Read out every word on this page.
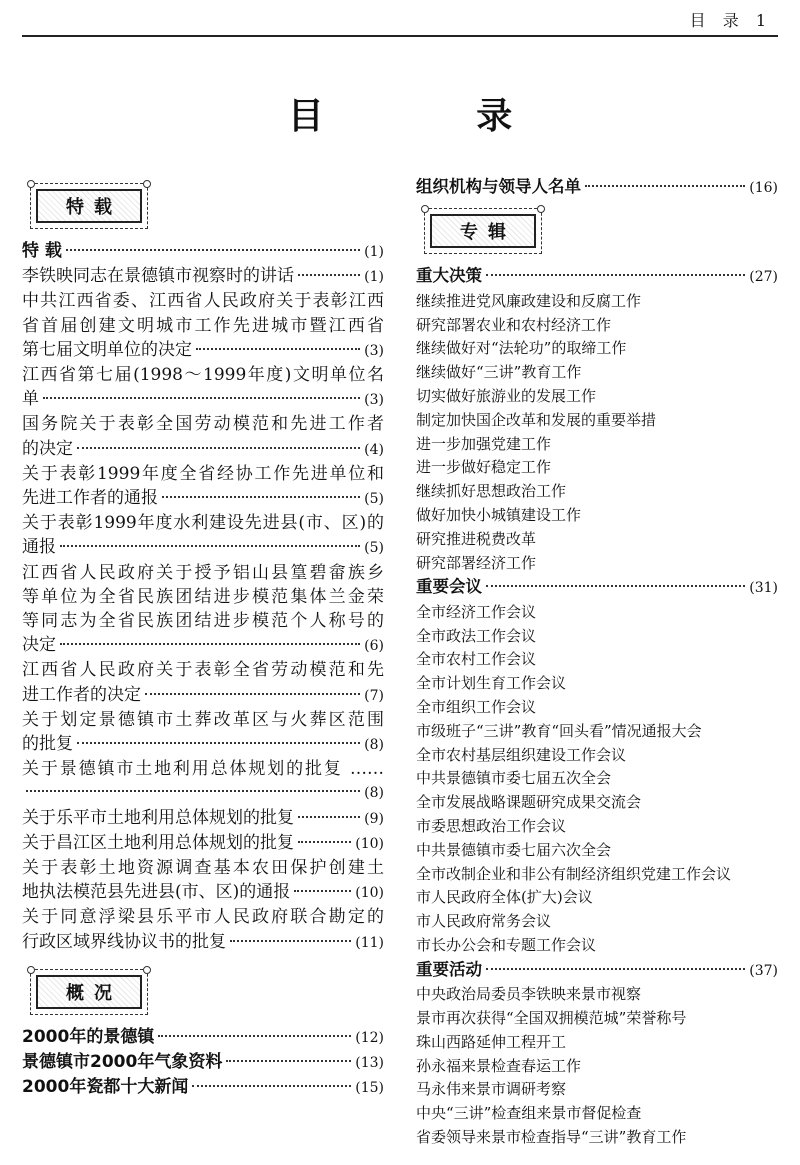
目 录 1
目 录
特载
特 载	(1)
李铁映同志在景德镇市视察时的讲话	(1)

中共江西省委、江西省人民政府关于表彰江西

省首届创建文明城市工作先进城市暨江西省

第七届文明单位的决定	(3)

江西省第七届(1998～1999年度)文明单位名

单	(3)

国务院关于表彰全国劳动模范和先进工作者

的决定	(4)

关于表彰1999年度全省经协工作先进单位和

先进工作者的通报	(5)

关于表彰1999年度水利建设先进县(市、区)的

通报	(5)

江西省人民政府关于授予铝山县篁碧畲族乡

等单位为全省民族团结进步模范集体兰金荣

等同志为全省民族团结进步模范个人称号的

决定	(6)

江西省人民政府关于表彰全省劳动模范和先

进工作者的决定	(7)

关于划定景德镇市土葬改革区与火葬区范围

的批复	(8)

关于景德镇市土地利用总体规划的批复 ……

(8)
关于乐平市土地利用总体规划的批复	(9)
关于昌江区土地利用总体规划的批复	(10)

关于表彰土地资源调查基本农田保护创建土

地执法模范县先进县(市、区)的通报	(10)

关于同意浮梁县乐平市人民政府联合勘定的

行政区域界线协议书的批复	(11)
概况
2000年的景德镇	(12)
景德镇市2000年气象资料	(13)
2000年瓷都十大新闻	(15)
组织机构与领导人名单	(16)
专辑
重大决策	(27)

继续推进党风廉政建设和反腐工作

研究部署农业和农村经济工作

继续做好对“法轮功”的取缔工作

继续做好“三讲”教育工作

切实做好旅游业的发展工作

制定加快国企改革和发展的重要举措

进一步加强党建工作

进一步做好稳定工作

继续抓好思想政治工作

做好加快小城镇建设工作

研究推进税费改革

研究部署经济工作

重要会议	(31)

全市经济工作会议

全市政法工作会议

全市农村工作会议

全市计划生育工作会议

全市组织工作会议

市级班子“三讲”教育“回头看”情况通报大会

全市农村基层组织建设工作会议

中共景德镇市委七届五次全会

全市发展战略课题研究成果交流会

市委思想政治工作会议

中共景德镇市委七届六次全会

全市改制企业和非公有制经济组织党建工作会议

市人民政府全体(扩大)会议

市人民政府常务会议

市长办公会和专题工作会议

重要活动	(37)

中央政治局委员李铁映来景市视察

景市再次获得“全国双拥模范城”荣誉称号

珠山西路延伸工程开工

孙永福来景检查春运工作

马永伟来景市调研考察

中央“三讲”检查组来景市督促检查

省委领导来景市检查指导“三讲”教育工作
